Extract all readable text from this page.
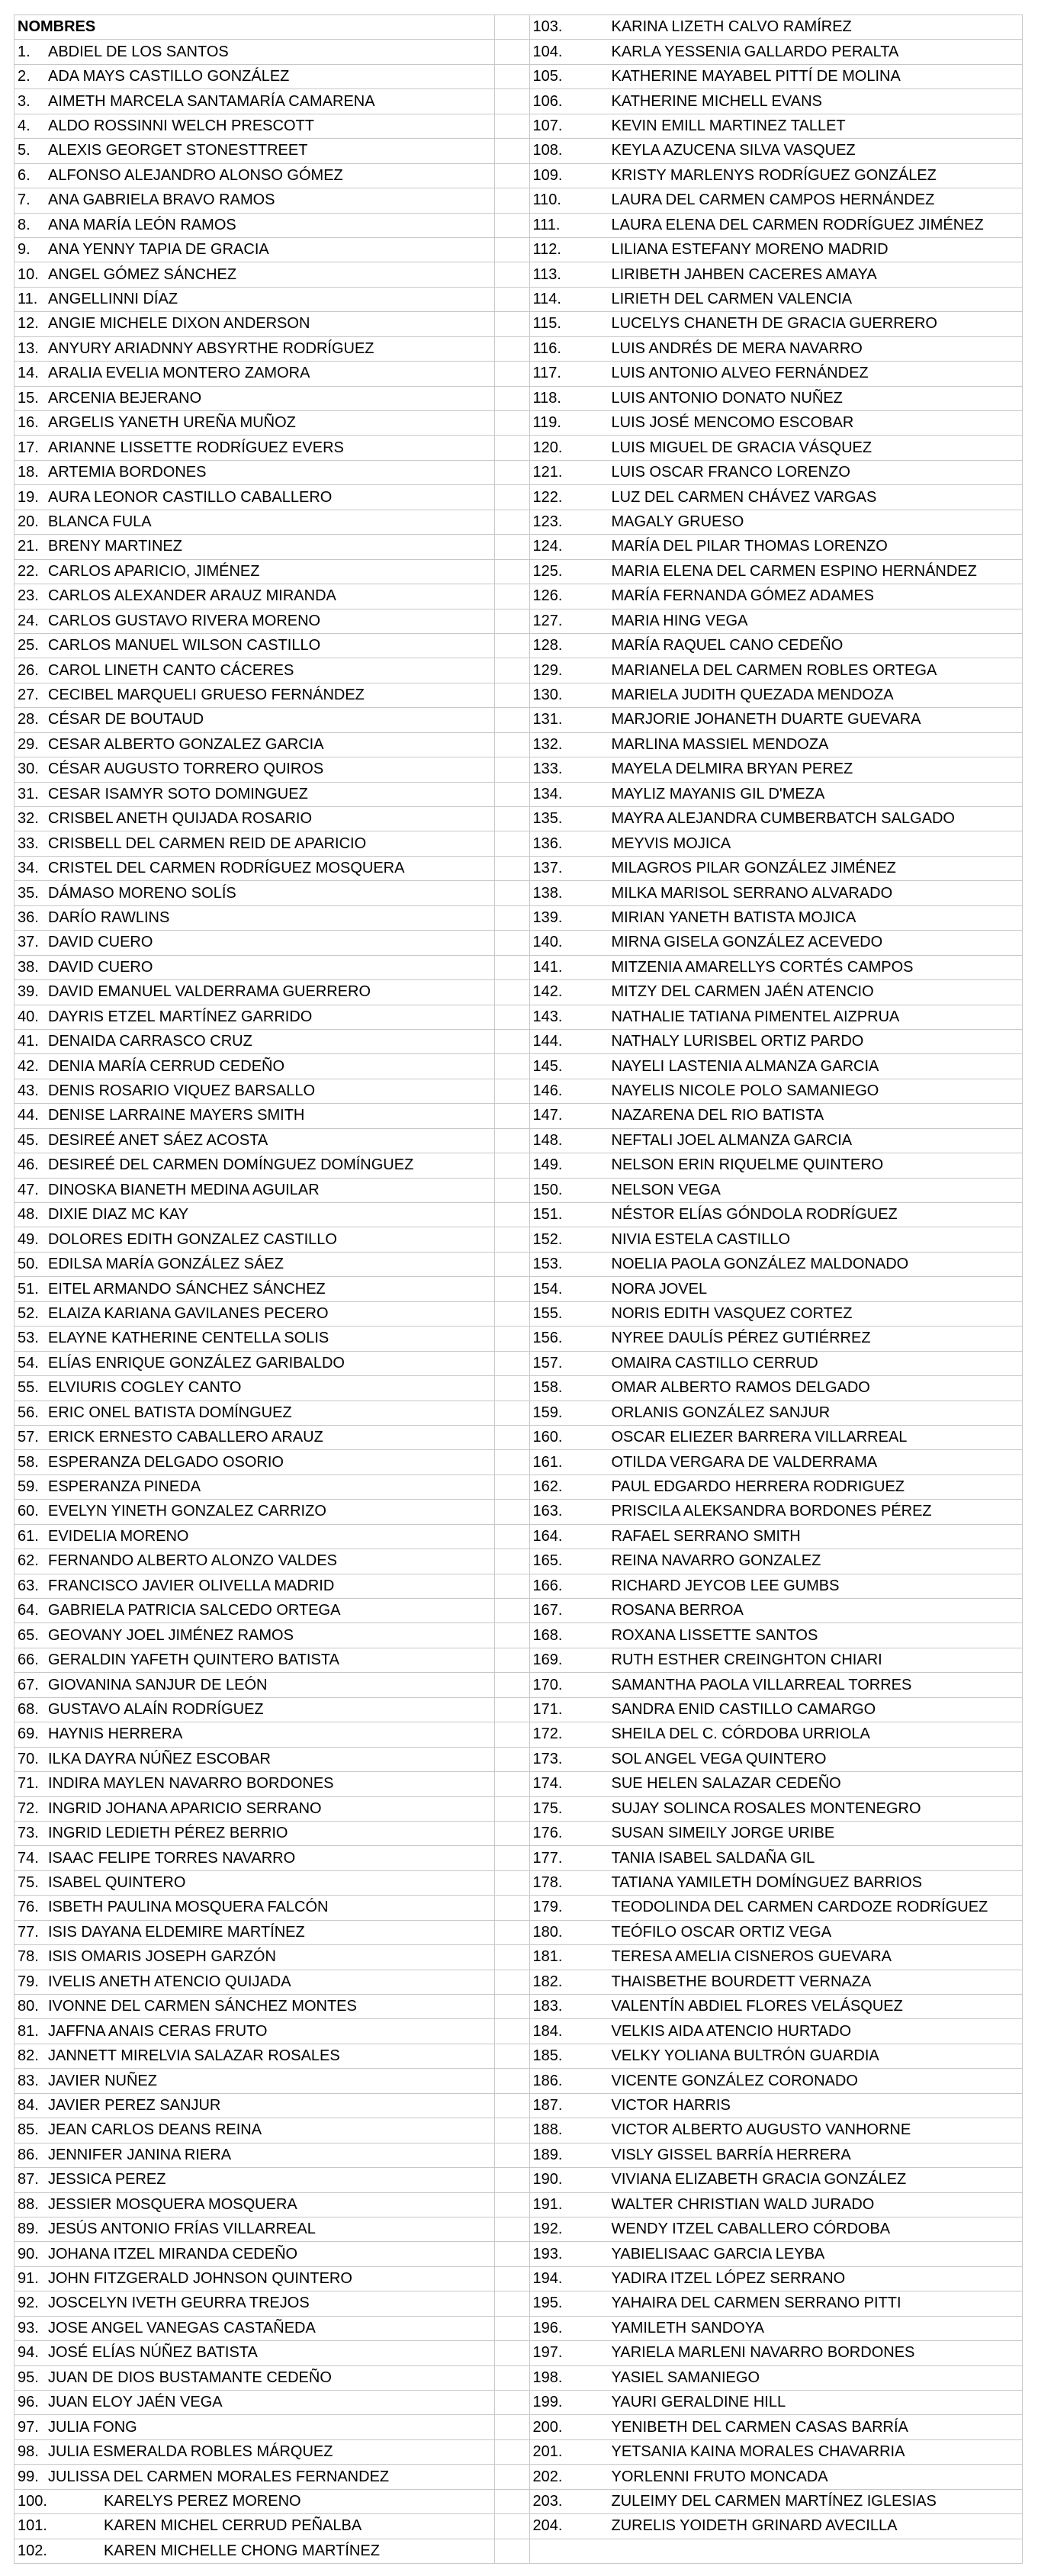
NOMBRES
1.	ABDIEL DE LOS SANTOS
2.	ADA MAYS CASTILLO GONZÁLEZ
3.	AIMETH MARCELA SANTAMARÍA CAMARENA
4.	ALDO ROSSINNI WELCH PRESCOTT
5.	ALEXIS GEORGET STONESTTREET
6.	ALFONSO ALEJANDRO ALONSO GÓMEZ
7.	ANA GABRIELA BRAVO RAMOS
8.	ANA MARÍA LEÓN RAMOS
9.	ANA YENNY TAPIA DE GRACIA
10. ANGEL GÓMEZ SÁNCHEZ
11. ANGELLINNI DÍAZ
12. ANGIE MICHELE DIXON ANDERSON
13. ANYURY ARIADNNY ABSYRTHE RODRÍGUEZ
14. ARALIA EVELIA MONTERO ZAMORA
15. ARCENIA BEJERANO
16. ARGELIS YANETH UREÑA MUÑOZ
17. ARIANNE LISSETTE RODRÍGUEZ EVERS
18. ARTEMIA BORDONES
19. AURA LEONOR CASTILLO CABALLERO
20. BLANCA FULA
21. BRENY MARTINEZ
22. CARLOS APARICIO, JIMÉNEZ
23. CARLOS ALEXANDER ARAUZ MIRANDA
24. CARLOS GUSTAVO RIVERA MORENO
25. CARLOS MANUEL WILSON CASTILLO
26. CAROL LINETH CANTO CÁCERES
27. CECIBEL MARQUELI GRUESO FERNÁNDEZ
28. CÉSAR DE BOUTAUD
29. CESAR ALBERTO GONZALEZ GARCIA
30. CÉSAR AUGUSTO TORRERO QUIROS
31. CESAR ISAMYR SOTO DOMINGUEZ
32. CRISBEL ANETH QUIJADA ROSARIO
33. CRISBELL DEL CARMEN REID DE APARICIO
34. CRISTEL DEL CARMEN RODRÍGUEZ MOSQUERA
35. DÁMASO MORENO SOLÍS
36. DARÍO RAWLINS
37. DAVID CUERO
38. DAVID CUERO
39. DAVID EMANUEL VALDERRAMA GUERRERO
40. DAYRIS ETZEL MARTÍNEZ GARRIDO
41. DENAIDA CARRASCO CRUZ
42. DENIA MARÍA CERRUD CEDEÑO
43. DENIS ROSARIO VIQUEZ BARSALLO
44. DENISE LARRAINE MAYERS SMITH
45. DESIREÉ ANET SÁEZ ACOSTA
46. DESIREÉ DEL CARMEN DOMÍNGUEZ DOMÍNGUEZ
47. DINOSKA BIANETH MEDINA AGUILAR
48. DIXIE DIAZ MC KAY
49. DOLORES EDITH GONZALEZ CASTILLO
50. EDILSA MARÍA GONZÁLEZ SÁEZ
51. EITEL ARMANDO SÁNCHEZ SÁNCHEZ
52. ELAIZA KARIANA GAVILANES PECERO
53. ELAYNE KATHERINE CENTELLA SOLIS
54. ELÍAS ENRIQUE GONZÁLEZ GARIBALDO
55. ELVIURIS COGLEY CANTO
56. ERIC ONEL BATISTA DOMÍNGUEZ
57. ERICK ERNESTO CABALLERO ARAUZ
58. ESPERANZA DELGADO OSORIO
59. ESPERANZA PINEDA
60. EVELYN YINETH GONZALEZ CARRIZO
61. EVIDELIA MORENO
62. FERNANDO ALBERTO ALONZO VALDES
63. FRANCISCO JAVIER OLIVELLA MADRID
64. GABRIELA PATRICIA SALCEDO ORTEGA
65. GEOVANY JOEL JIMÉNEZ RAMOS
66. GERALDIN YAFETH QUINTERO BATISTA
67. GIOVANINA SANJUR DE LEÓN
68. GUSTAVO ALAÍN RODRÍGUEZ
69. HAYNIS HERRERA
70. ILKA DAYRA NÚÑEZ ESCOBAR
71. INDIRA MAYLEN NAVARRO BORDONES
72. INGRID JOHANA APARICIO SERRANO
73. INGRID LEDIETH PÉREZ BERRIO
74. ISAAC FELIPE TORRES NAVARRO
75. ISABEL QUINTERO
76. ISBETH PAULINA MOSQUERA FALCÓN
77. ISIS DAYANA ELDEMIRE MARTÍNEZ
78. ISIS OMARIS JOSEPH GARZÓN
79. IVELIS ANETH ATENCIO QUIJADA
80. IVONNE DEL CARMEN SÁNCHEZ MONTES
81. JAFFNA ANAIS CERAS FRUTO
82. JANNETT MIRELVIA SALAZAR ROSALES
83. JAVIER NUÑEZ
84. JAVIER PEREZ SANJUR
85. JEAN CARLOS DEANS REINA
86. JENNIFER JANINA RIERA
87. JESSICA PEREZ
88. JESSIER MOSQUERA MOSQUERA
89. JESÚS ANTONIO FRÍAS VILLARREAL
90. JOHANA ITZEL MIRANDA CEDEÑO
91. JOHN FITZGERALD JOHNSON QUINTERO
92. JOSCELYN IVETH GEURRA TREJOS
93. JOSE ANGEL VANEGAS CASTAÑEDA
94. JOSÉ ELÍAS NÚÑEZ BATISTA
95. JUAN DE DIOS BUSTAMANTE CEDEÑO
96. JUAN ELOY JAÉN VEGA
97. JULIA FONG
98. JULIA ESMERALDA ROBLES MÁRQUEZ
99. JULISSA DEL CARMEN MORALES FERNANDEZ
100.	KARELYS PEREZ MORENO
101.	KAREN MICHEL CERRUD PEÑALBA
102.	KAREN MICHELLE CHONG MARTÍNEZ
103.	KARINA LIZETH CALVO RAMÍREZ
104.	KARLA YESSENIA GALLARDO PERALTA
105.	KATHERINE MAYABEL PITTÍ DE MOLINA
106.	KATHERINE MICHELL EVANS
107.	KEVIN EMILL MARTINEZ TALLET
108.	KEYLA AZUCENA SILVA VASQUEZ
109.	KRISTY MARLENYS RODRÍGUEZ GONZÁLEZ
110.	LAURA DEL CARMEN CAMPOS HERNÁNDEZ
111.	LAURA ELENA DEL CARMEN RODRÍGUEZ JIMÉNEZ
112.	LILIANA ESTEFANY MORENO MADRID
113.	LIRIBETH JAHBEN CACERES AMAYA
114.	LIRIETH DEL CARMEN VALENCIA
115.	LUCELYS CHANETH DE GRACIA GUERRERO
116.	LUIS ANDRÉS DE MERA NAVARRO
117.	LUIS ANTONIO ALVEO FERNÁNDEZ
118.	LUIS ANTONIO DONATO NUÑEZ
119.	LUIS JOSÉ MENCOMO ESCOBAR
120.	LUIS MIGUEL DE GRACIA VÁSQUEZ
121.	LUIS OSCAR FRANCO LORENZO
122.	LUZ DEL CARMEN CHÁVEZ VARGAS
123.	MAGALY GRUESO
124.	MARÍA DEL PILAR THOMAS LORENZO
125.	MARIA ELENA DEL CARMEN ESPINO HERNÁNDEZ
126.	MARÍA FERNANDA GÓMEZ ADAMES
127.	MARIA HING VEGA
128.	MARÍA RAQUEL CANO CEDEÑO
129.	MARIANELA DEL CARMEN ROBLES ORTEGA
130.	MARIELA JUDITH QUEZADA MENDOZA
131.	MARJORIE JOHANETH DUARTE GUEVARA
132.	MARLINA MASSIEL MENDOZA
133.	MAYELA DELMIRA BRYAN PEREZ
134.	MAYLIZ MAYANIS GIL D'MEZA
135.	MAYRA ALEJANDRA CUMBERBATCH SALGADO
136.	MEYVIS MOJICA
137.	MILAGROS PILAR GONZÁLEZ JIMÉNEZ
138.	MILKA MARISOL SERRANO ALVARADO
139.	MIRIAN YANETH BATISTA MOJICA
140.	MIRNA GISELA GONZÁLEZ ACEVEDO
141.	MITZENIA AMARELLYS CORTÉS CAMPOS
142.	MITZY DEL CARMEN JAÉN ATENCIO
143.	NATHALIE TATIANA PIMENTEL AIZPRUA
144.	NATHALY LURISBEL ORTIZ PARDO
145.	NAYELI LASTENIA ALMANZA GARCIA
146.	NAYELIS NICOLE POLO SAMANIEGO
147.	NAZARENA DEL RIO BATISTA
148.	NEFTALI JOEL ALMANZA GARCIA
149.	NELSON ERIN RIQUELME QUINTERO
150.	NELSON VEGA
151.	NÉSTOR ELÍAS GÓNDOLA RODRÍGUEZ
152.	NIVIA ESTELA CASTILLO
153.	NOELIA PAOLA GONZÁLEZ MALDONADO
154.	NORA JOVEL
155.	NORIS EDITH VASQUEZ CORTEZ
156.	NYREE DAULÍS PÉREZ GUTIÉRREZ
157.	OMAIRA CASTILLO CERRUD
158.	OMAR ALBERTO RAMOS DELGADO
159.	ORLANIS GONZÁLEZ SANJUR
160.	OSCAR ELIEZER BARRERA VILLARREAL
161.	OTILDA VERGARA DE VALDERRAMA
162.	PAUL EDGARDO HERRERA RODRIGUEZ
163.	PRISCILA ALEKSANDRA BORDONES PÉREZ
164.	RAFAEL SERRANO SMITH
165.	REINA NAVARRO GONZALEZ
166.	RICHARD JEYCOB LEE GUMBS
167.	ROSANA BERROA
168.	ROXANA LISSETTE SANTOS
169.	RUTH ESTHER CREINGHTON CHIARI
170.	SAMANTHA PAOLA VILLARREAL TORRES
171.	SANDRA ENID CASTILLO CAMARGO
172.	SHEILA DEL C. CÓRDOBA URRIOLA
173.	SOL ANGEL VEGA QUINTERO
174.	SUE HELEN SALAZAR CEDEÑO
175.	SUJAY SOLINCA ROSALES MONTENEGRO
176.	SUSAN SIMEILY JORGE URIBE
177.	TANIA ISABEL SALDAÑA GIL
178.	TATIANA YAMILETH DOMÍNGUEZ BARRIOS
179.	TEODOLINDA DEL CARMEN CARDOZE RODRÍGUEZ
180.	TEÓFILO OSCAR ORTIZ VEGA
181.	TERESA AMELIA CISNEROS GUEVARA
182.	THAISBETHE BOURDETT VERNAZA
183.	VALENTÍN ABDIEL FLORES VELÁSQUEZ
184.	VELKIS AIDA ATENCIO HURTADO
185.	VELKY YOLIANA BULTRÓN GUARDIA
186.	VICENTE GONZÁLEZ CORONADO
187.	VICTOR HARRIS
188.	VICTOR ALBERTO AUGUSTO VANHORNE
189.	VISLY GISSEL BARRÍA HERRERA
190.	VIVIANA ELIZABETH GRACIA GONZÁLEZ
191.	WALTER CHRISTIAN WALD JURADO
192.	WENDY ITZEL CABALLERO CÓRDOBA
193.	YABIELISAAC GARCIA LEYBA
194.	YADIRA ITZEL LÓPEZ SERRANO
195.	YAHAIRA DEL CARMEN SERRANO PITTI
196.	YAMILETH SANDOYA
197.	YARIELA MARLENI NAVARRO BORDONES
198.	YASIEL SAMANIEGO
199.	YAURI GERALDINE HILL
200.	YENIBETH DEL CARMEN CASAS BARRÍA
201.	YETSANIA KAINA MORALES CHAVARRIA
202.	YORLENNI FRUTO MONCADA
203.	ZULEIMY DEL CARMEN MARTÍNEZ IGLESIAS
204.	ZURELIS YOIDETH GRINARD AVECILLA
